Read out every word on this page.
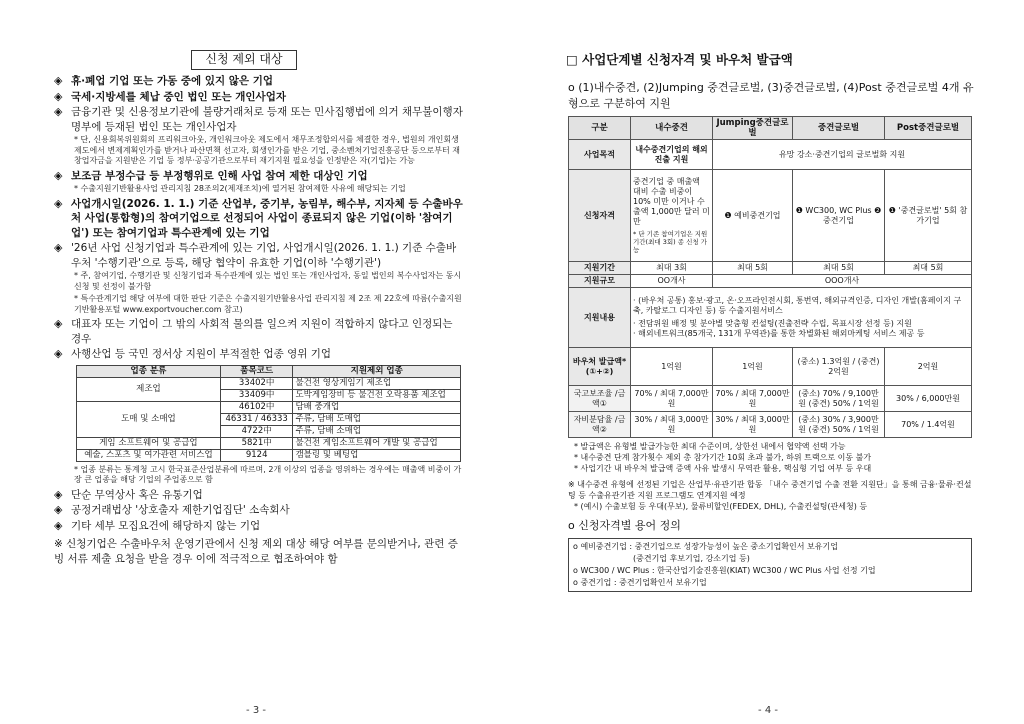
신청 제외 대상
◈ 휴·폐업 기업 또는 가동 중에 있지 않은 기업
◈ 국세·지방세를 체납 중인 법인 또는 개인사업자
◈ 금융기관 및 신용정보기관에 불량거래처로 등재 또는 민사집행법에 의거 채무불이행자 명부에 등재된 법인 또는 개인사업자
* 단, 신용회복위원회의 프리워크아웃, 개인워크아웃 제도에서 채무조정합의서를 체결한 경우, 법원의 개인회생제도에서 변제계획인가를 받거나 파산면책 선고자, 회생인가를 받은 기업, 중소벤처기업진흥공단 등으로부터 재창업자금을 지원받은 기업 등 정부·공공기관으로부터 재기지원 필요성을 인정받은 자(기업)는 가능
◈ 보조금 부정수급 등 부정행위로 인해 사업 참여 제한 대상인 기업
* 수출지원기반활용사업 관리지침 28조의2(제재조치)에 열거된 참여제한 사유에 해당되는 기업
◈ 사업개시일(2026. 1. 1.) 기준 산업부, 중기부, 농림부, 해수부, 지자체 등 수출바우처 사업(통합형)의 참여기업으로 선정되어 사업이 종료되지 않은 기업(이하 '참여기업') 또는 참여기업과 특수관계에 있는 기업
◈ '26년 사업 신청기업과 특수관계에 있는 기업, 사업개시일(2026. 1. 1.) 기준 수출바우처 '수행기관'으로 등록, 해당 협약이 유효한 기업(이하 '수행기관')
* 주, 참여기업, 수행기관 및 신청기업과 특수관계에 있는 법인 또는 개인사업자, 동일 법인의 복수사업자는 동시 신청 및 선정이 불가함
* 특수관계기업 해당 여부에 대한 판단 기준은 수출지원기반활용사업 관리지침 제 2조 제 22호에 따름(수출지원기반활용포털 www.exportvoucher.com 참고)
◈ 대표자 또는 기업이 그 밖의 사회적 물의를 일으켜 지원이 적합하지 않다고 인정되는 경우
◈ 사행산업 등 국민 정서상 지원이 부적절한 업종 영위 기업
업종 분류	품목코드	지원제외 업종
제조업	33402中	불건전 영상게임기 제조업
	33409中	도박게임장비 등 불건전 오락용품 제조업
도매 및 소매업	46102中	담배 중개업
	46331 / 46333	주류, 담배 도매업
	4722中	주류, 담배 소매업
게임 소프트웨어 및 공급업	5821中	불건전 게임소프트웨어 개발 및 공급업
예술, 스포츠 및 여가관련 서비스업	9124	갬블링 및 베팅업
* 업종 분류는 통계청 고시 한국표준산업분류에 따르며, 2개 이상의 업종을 영위하는 경우에는 매출액 비중이 가장 큰 업종을 해당 기업의 주업종으로 함
◈ 단순 무역상사 혹은 유통기업
◈ 공정거래법상 '상호출자 제한기업집단' 소속회사
◈ 기타 세부 모집요건에 해당하지 않는 기업
※ 신청기업은 수출바우처 운영기관에서 신청 제외 대상 해당 여부를 문의받거나, 관련 증빙 서류 제출 요청을 받을 경우 이에 적극적으로 협조하여야 함
- 3 -	- 4 -
□ 사업단계별 신청자격 및 바우처 발급액
o (1)내수중견, (2)Jumping 중견글로벌, (3)중견글로벌, (4)Post 중견글로벌 4개 유형으로 구분하여 지원
구분	내수중견	Jumping중견글로벌	중견글로벌	Post중견글로벌
사업목적	내수중견기업의 해외진출 지원	유망 강소·중견기업의 글로벌화 지원		
신청자격	중견기업 중 매출액 대비 수출 비중이 10% 미만 이거나 수출액 1,000만 달러 미만
* 단 기존 참여기업은 지원기간(최대 3회) 종 신청 가능	❶ 예비중견기업	❶ WC300, WC Plus ❷ 중견기업	❶ '중견글로벌' 5회 참가기업
지원기간	최대 3회	최대 5회	최대 5회	최대 5회
지원규모	OO개사	OOO개사		
지원내용	· (바우처 공통) 홍보·광고, 온·오프라인전시회, 통번역, 해외규격인증, 디자인 개발(홈페이지 구축, 카탈로그 디자인 등) 등 수출지원서비스
· 전담위원 배정 및 분야별 맞춤형 컨설팅(진출전략 수립, 목표시장 선정 등) 지원
· 해외네트워크(85개국, 131개 무역관)를 통한 차별화된 해외마케팅 서비스 제공 등			

바우처 발급액* (①+②)	1억원	1억원	(중소) 1.3억원 / (중견) 2억원	2억원
국고보조율 /금액①	70% / 최대 7,000만원	70% / 최대 7,000만원	(중소) 70% / 9,100만원 (중견) 50% / 1억원	30% / 6,000만원
자비분담율 /금액②	30% / 최대 3,000만원	30% / 최대 3,000만원	(중소) 30% / 3,900만원 (중견) 50% / 1억원	70% / 1.4억원
* 발급액은 유형별 발급가능한 최대 수준이며, 상한선 내에서 협약액 선택 가능
* 내수중견 단계 참가횟수 제외 총 참가기간 10회 초과 불가, 하위 트랙으로 이동 불가
* 사업기간 내 바우처 발급액 증액 사유 발생시 무역관 활용, 핵심형 기업 여부 등 우대
※ 내수중견 유형에 선정된 기업은 산업부·유관기관 합동 「내수 중견기업 수출 전환 지원단」을 통해 금융·물류·컨설팅 등 수출유관기관 지원 프로그램도 연계지원 예정
* (예시) 수출보험 등 우대(무보), 물류비할인(FEDEX, DHL), 수출컨설팅(관세청) 등
o 신청자격별 용어 정의
o 예비중견기업 : 중견기업으로 성장가능성이 높은 중소기업확인서 보유기업
(중견기업 후보기업, 강소기업 등)
o WC300 / WC Plus : 한국산업기술진흥원(KIAT) WC300 / WC Plus 사업 선정 기업
o 중견기업 : 중견기업확인서 보유기업
